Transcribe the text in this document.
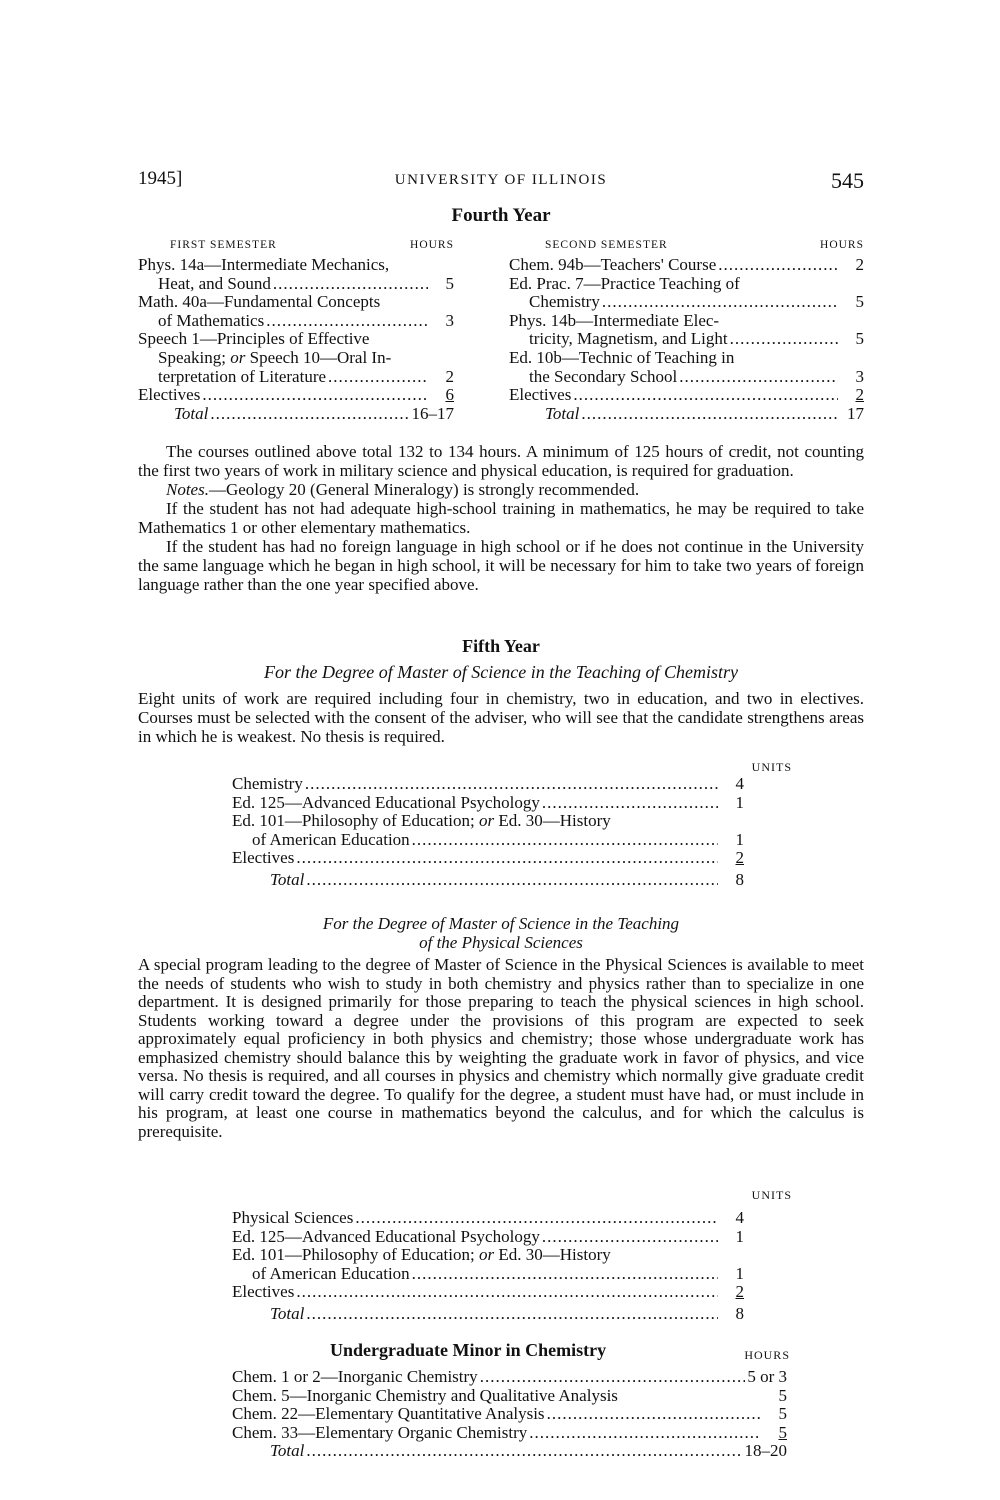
1945]	UNIVERSITY OF ILLINOIS	545
Fourth Year
FIRST SEMESTER	HOURS
Phys. 14a—Intermediate Mechanics,
Heat, and Sound .....	5
Math. 40a—Fundamental Concepts
of Mathematics .....	3
Speech 1—Principles of Effective
Speaking; or Speech 10—Oral In-
terpretation of Literature .....	2
Electives .....	6
Total .....	16–17
SECOND SEMESTER	HOURS
Chem. 94b—Teachers' Course .....	2
Ed. Prac. 7—Practice Teaching of
Chemistry .....	5
Phys. 14b—Intermediate Elec-
tricity, Magnetism, and Light .....	5
Ed. 10b—Technic of Teaching in
the Secondary School .....	3
Electives .....	2
Total .....	17

The courses outlined above total 132 to 134 hours. A minimum of 125 hours of credit, not counting the first two years of work in military science and physical education, is required for graduation.

Notes.—Geology 20 (General Mineralogy) is strongly recommended.

If the student has not had adequate high-school training in mathematics, he may be required to take Mathematics 1 or other elementary mathematics.

If the student has had no foreign language in high school or if he does not continue in the University the same language which he began in high school, it will be necessary for him to take two years of foreign language rather than the one year specified above.

Fifth Year
For the Degree of Master of Science in the Teaching of Chemistry
Eight units of work are required including four in chemistry, two in education, and two in electives. Courses must be selected with the consent of the adviser, who will see that the candidate strengthens areas in which he is weakest. No thesis is required.
UNITS
Chemistry .....	4
Ed. 125—Advanced Educational Psychology .....	1
Ed. 101—Philosophy of Education; or Ed. 30—History
of American Education .....	1
Electives .....	2
Total .....	8
For the Degree of Master of Science in the Teaching
of the Physical Sciences
A special program leading to the degree of Master of Science in the Physical Sciences is available to meet the needs of students who wish to study in both chemistry and physics rather than to specialize in one department. It is designed primarily for those preparing to teach the physical sciences in high school. Students working toward a degree under the provisions of this program are expected to seek approximately equal proficiency in both physics and chemistry; those whose undergraduate work has emphasized chemistry should balance this by weighting the graduate work in favor of physics, and vice versa. No thesis is required, and all courses in physics and chemistry which normally give graduate credit will carry credit toward the degree. To qualify for the degree, a student must have had, or must include in his program, at least one course in mathematics beyond the calculus, and for which the calculus is prerequisite.
UNITS
Physical Sciences .....	4
Ed. 125—Advanced Educational Psychology .....	1
Ed. 101—Philosophy of Education; or Ed. 30—History
of American Education .....	1
Electives .....	2
Total .....	8
Undergraduate Minor in Chemistry	HOURS
Chem. 1 or 2—Inorganic Chemistry .....	5 or 3
Chem. 5—Inorganic Chemistry and Qualitative Analysis	5
Chem. 22—Elementary Quantitative Analysis .....	5
Chem. 33—Elementary Organic Chemistry .....	5
Total .....	18–20
